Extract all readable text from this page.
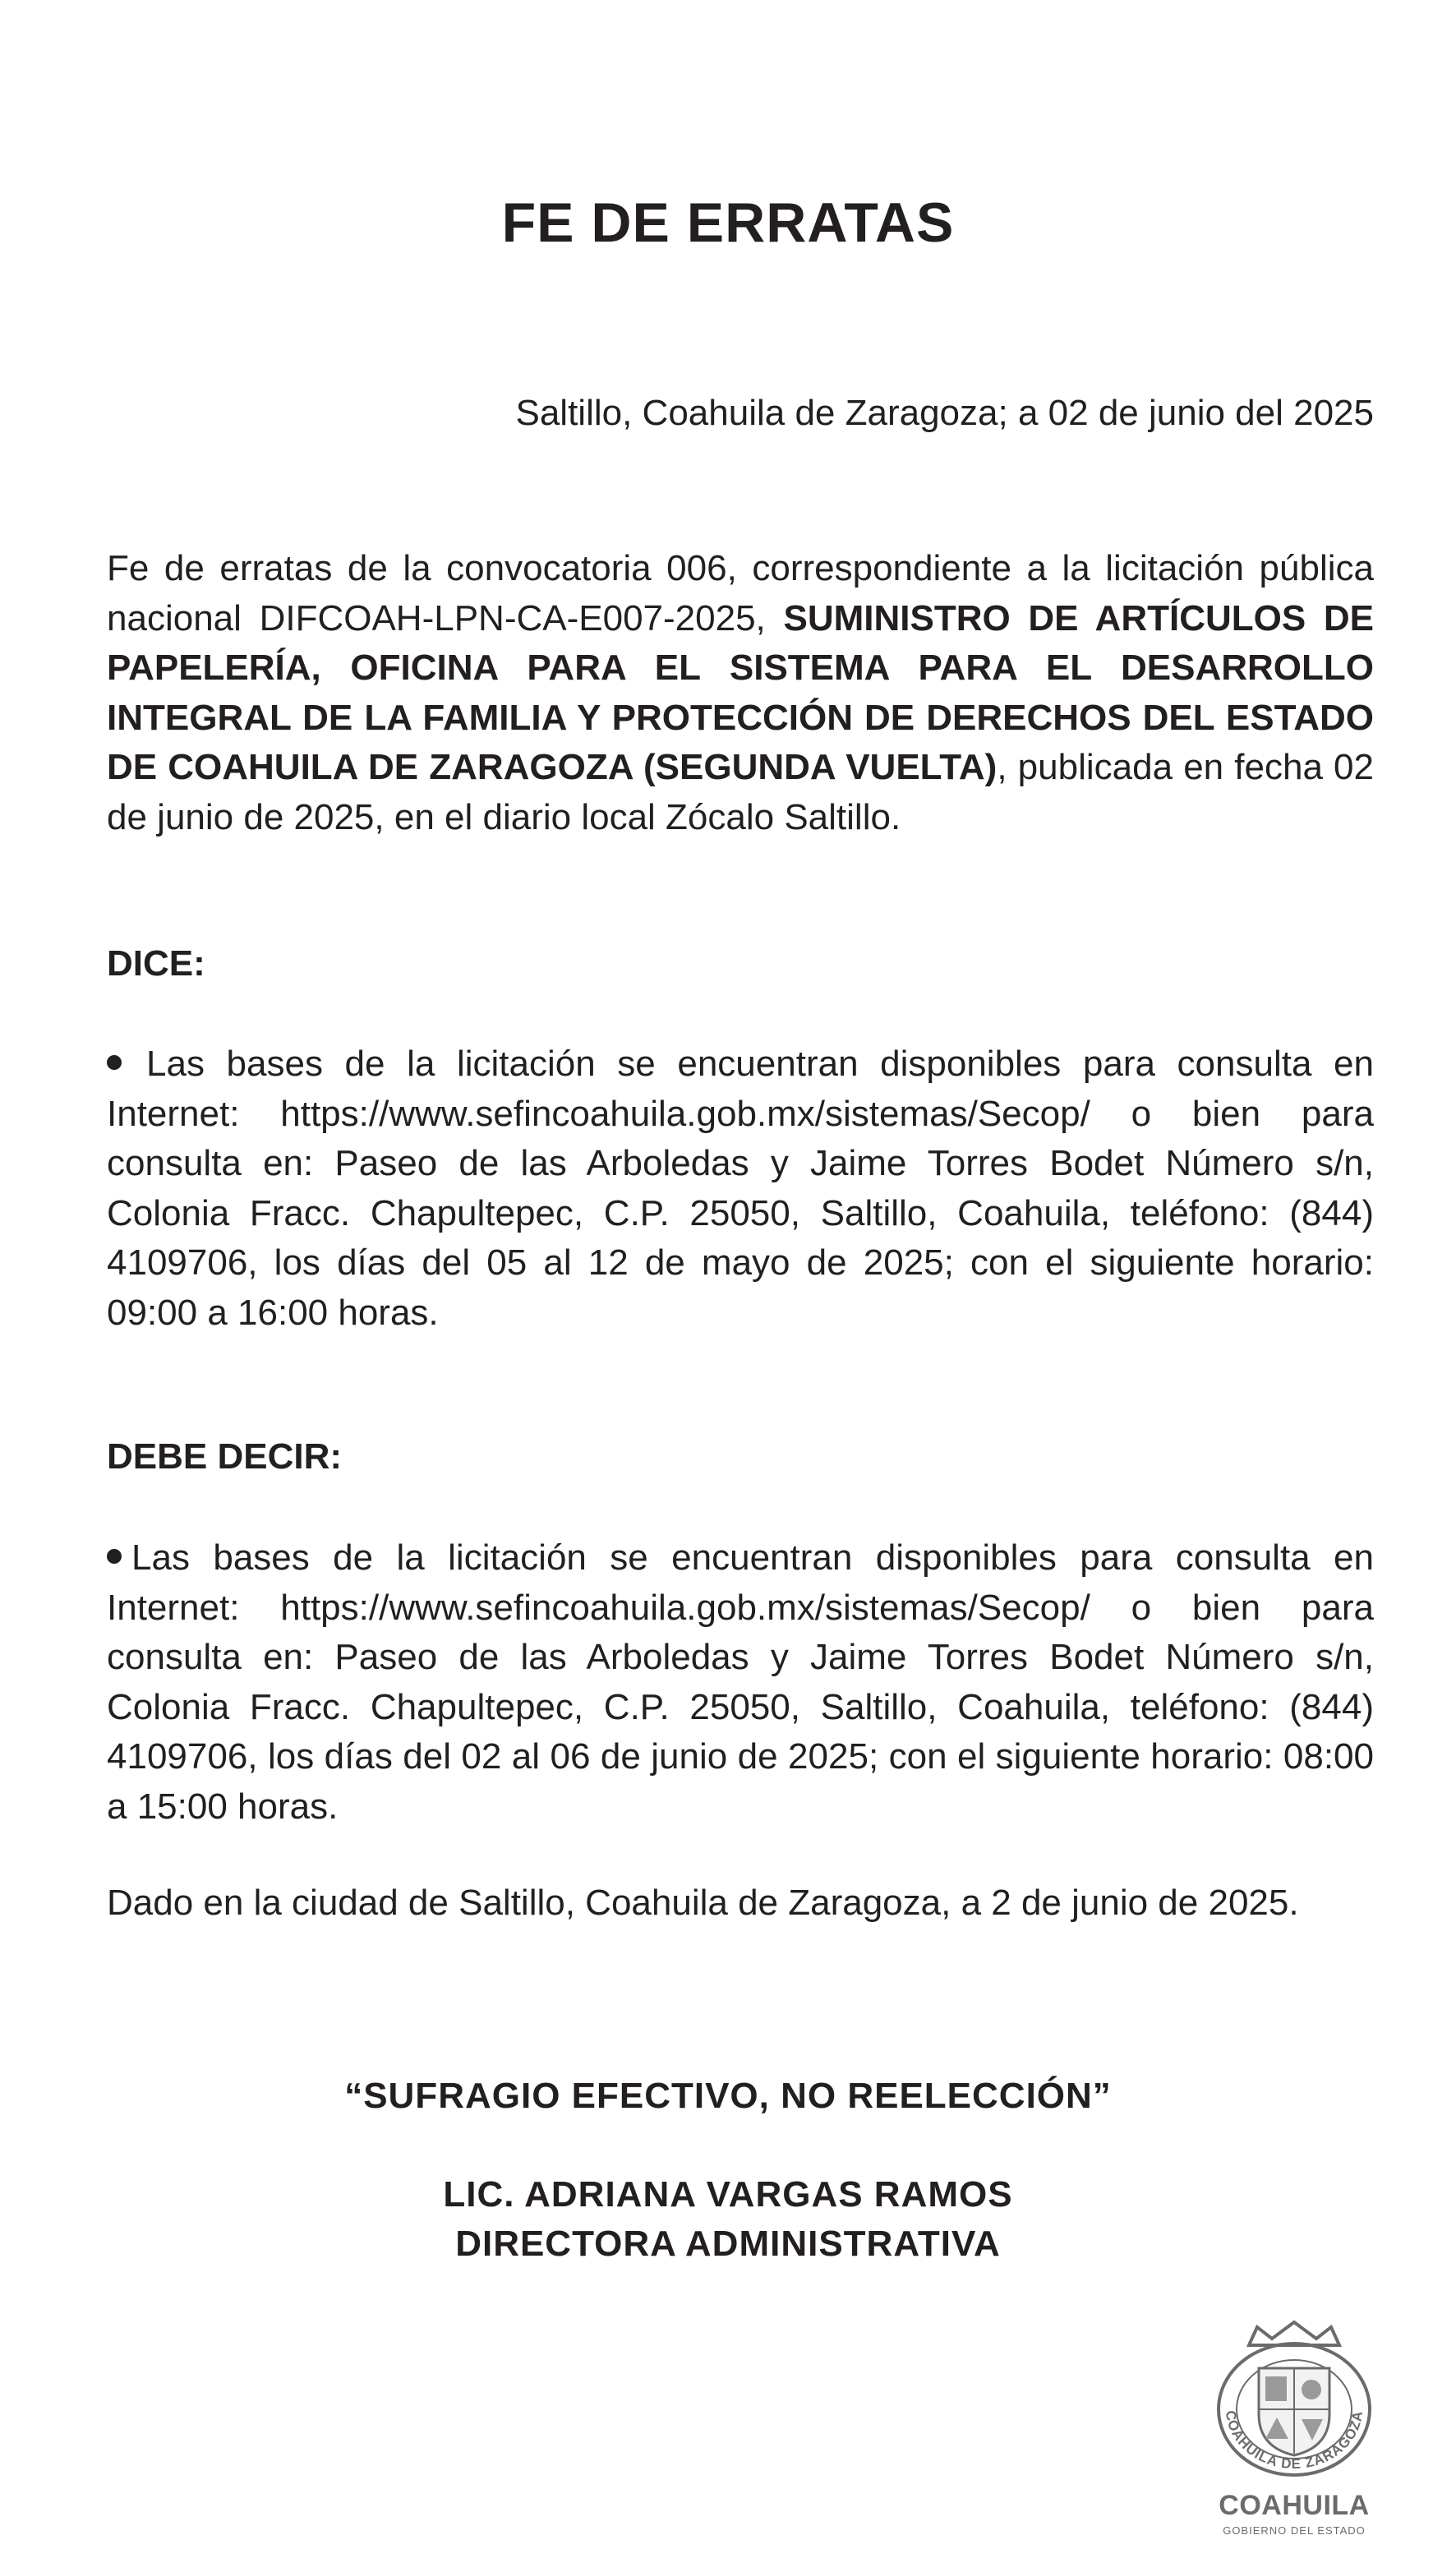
FE DE ERRATAS
Saltillo, Coahuila de Zaragoza; a 02 de junio del 2025
Fe de erratas de la convocatoria 006, correspondiente a la licitación pública nacional DIFCOAH-LPN-CA-E007-2025, SUMINISTRO DE ARTÍCULOS DE PAPELERÍA, OFICINA PARA EL SISTEMA PARA EL DESARROLLO INTEGRAL DE LA FAMILIA Y PROTECCIÓN DE DERECHOS DEL ESTADO DE COAHUILA DE ZARAGOZA (SEGUNDA VUELTA), publicada en fecha 02 de junio de 2025, en el diario local Zócalo Saltillo.
DICE:
Las bases de la licitación se encuentran disponibles para consulta en Internet: https://www.sefincoahuila.gob.mx/sistemas/Secop/ o bien para consulta en: Paseo de las Arboledas y Jaime Torres Bodet Número s/n, Colonia Fracc. Chapultepec, C.P. 25050, Saltillo, Coahuila, teléfono: (844) 4109706, los días del 05 al 12 de mayo de 2025; con el siguiente horario: 09:00 a 16:00 horas.
DEBE DECIR:
Las bases de la licitación se encuentran disponibles para consulta en Internet: https://www.sefincoahuila.gob.mx/sistemas/Secop/ o bien para consulta en: Paseo de las Arboledas y Jaime Torres Bodet Número s/n, Colonia Fracc. Chapultepec, C.P. 25050, Saltillo, Coahuila, teléfono: (844) 4109706, los días del 02 al 06 de junio de 2025; con el siguiente horario: 08:00 a 15:00 horas.
Dado en la ciudad de Saltillo, Coahuila de Zaragoza, a 2 de junio de 2025.
“SUFRAGIO EFECTIVO, NO REELECCIÓN”
LIC. ADRIANA VARGAS RAMOS
DIRECTORA ADMINISTRATIVA
COAHUILA DE ZARAGOZA
COAHUILA
GOBIERNO DEL ESTADO
